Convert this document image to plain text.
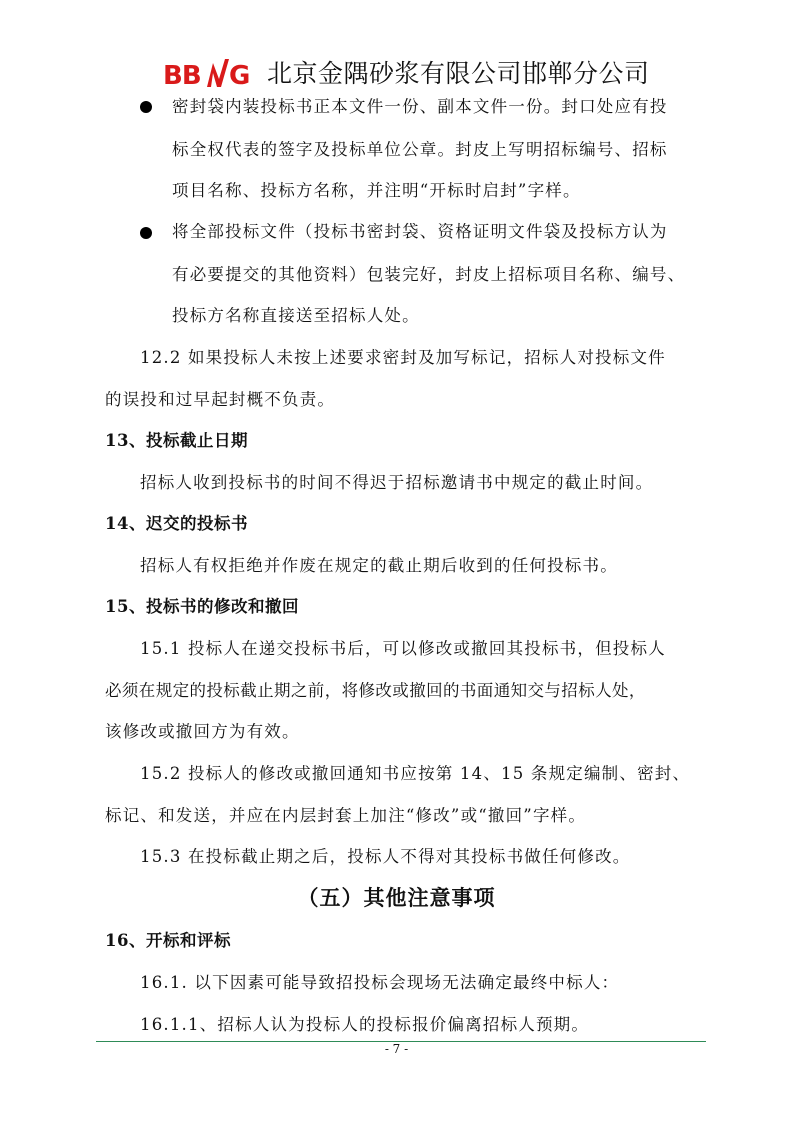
BB G 北京金隅砂浆有限公司邯郸分公司
密封袋内装投标书正本文件一份、副本文件一份。封口处应有投
标全权代表的签字及投标单位公章。封皮上写明招标编号、招标
项目名称、投标方名称，并注明“开标时启封”字样。
将全部投标文件（投标书密封袋、资格证明文件袋及投标方认为
有必要提交的其他资料）包装完好，封皮上招标项目名称、编号、
投标方名称直接送至招标人处。
12.2 如果投标人未按上述要求密封及加写标记，招标人对投标文件
的误投和过早起封概不负责。
13、投标截止日期
招标人收到投标书的时间不得迟于招标邀请书中规定的截止时间。
14、迟交的投标书
招标人有权拒绝并作废在规定的截止期后收到的任何投标书。
15、投标书的修改和撤回
15.1 投标人在递交投标书后，可以修改或撤回其投标书，但投标人
必须在规定的投标截止期之前，将修改或撤回的书面通知交与招标人处，
该修改或撤回方为有效。
15.2 投标人的修改或撤回通知书应按第 14、15 条规定编制、密封、
标记、和发送，并应在内层封套上加注“修改”或“撤回”字样。
15.3 在投标截止期之后，投标人不得对其投标书做任何修改。
（五）其他注意事项
16、开标和评标
16.1. 以下因素可能导致招投标会现场无法确定最终中标人：
16.1.1、招标人认为投标人的投标报价偏离招标人预期。
- 7 -
